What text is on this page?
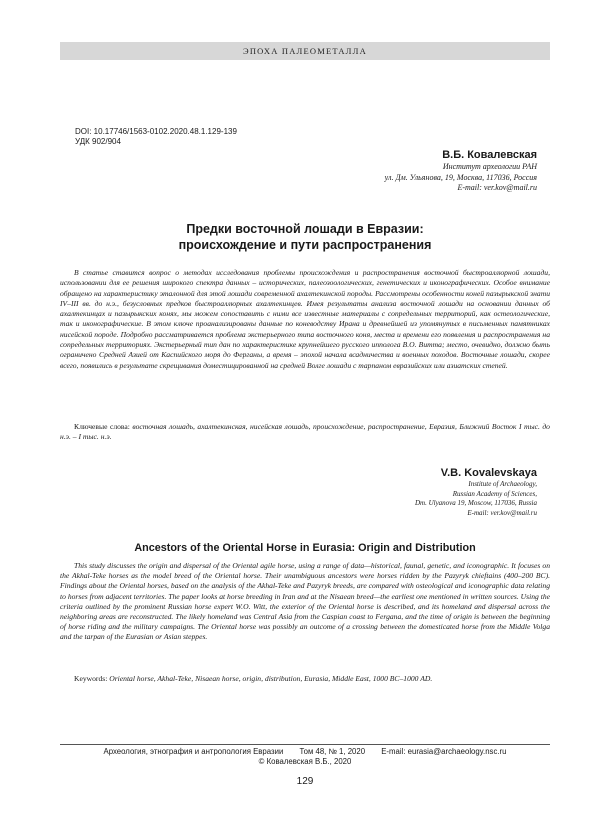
ЭПОХА ПАЛЕОМЕТАЛЛА
DOI: 10.17746/1563-0102.2020.48.1.129-139
УДК 902/904
В.Б. Ковалевская
Институт археологии РАН
ул. Дм. Ульянова, 19, Москва, 117036, Россия
E-mail: ver.kov@mail.ru
Предки восточной лошади в Евразии:
происхождение и пути распространения

В статье ставится вопрос о методах исследования проблемы происхождения и распространения восточной быстроаллюрной лошади, использовании для ее решения широкого спектра данных – исторических, палеозоологических, генетических и иконографических. Особое внимание обращено на характеристику эталонной для этой лошади современной ахалтекинской породы. Рассмотрены особенности коней пазырыкской знати IV–III вв. до н.э., безусловных предков быстроаллюрных ахалтекинцев. Имея результаты анализа восточной лошади на основании данных об ахалтекинцах и пазырыкских конях, мы можем сопоставить с ними все известные материалы с сопредельных территорий, как остеологические, так и иконографические. В этом ключе проанализированы данные по коневодству Ирана и древнейшей из упомянутых в письменных памятниках нисейской породе. Подробно рассматривается проблема экстерьерного типа восточного коня, места и времени его появления и распространения на сопредельных территориях. Экстерьерный тип дан по характеристике крупнейшего русского ипполога В.О. Витта; место, очевидно, должно быть ограничено Средней Азией от Каспийского моря до Ферганы, а время – эпохой начала всадничества и военных походов. Восточные лошади, скорее всего, появились в результате скрещивания доместицированной на средней Волге лошади с тарпаном евразийских или азиатских степей.

Ключевые слова: восточная лошадь, ахалтекинская, нисейская лошадь, происхождение, распространение, Евразия, Ближний Восток I тыс. до н.э. – I тыс. н.э.

V.B. Kovalevskaya
Institute of Archaeology,
Russian Academy of Sciences,
Dm. Ulyanova 19, Moscow, 117036, Russia
E-mail: ver.kov@mail.ru
Ancestors of the Oriental Horse in Eurasia: Origin and Distribution

This study discusses the origin and dispersal of the Oriental agile horse, using a range of data—historical, faunal, genetic, and iconographic. It focuses on the Akhal-Teke horses as the model breed of the Oriental horse. Their unambiguous ancestors were horses ridden by the Pazyryk chieftains (400–200 BC). Findings about the Oriental horses, based on the analysis of the Akhal-Teke and Pazyryk breeds, are compared with osteological and iconographic data relating to horses from adjacent territories. The paper looks at horse breeding in Iran and at the Nisaean breed—the earliest one mentioned in written sources. Using the criteria outlined by the prominent Russian horse expert W.O. Witt, the exterior of the Oriental horse is described, and its homeland and dispersal across the neighboring areas are reconstructed. The likely homeland was Central Asia from the Caspian coast to Fergana, and the time of origin is between the beginning of horse riding and the military campaigns. The Oriental horse was possibly an outcome of a crossing between the domesticated horse from the Middle Volga and the tarpan of the Eurasian or Asian steppes.

Keywords: Oriental horse, Akhal-Teke, Nisaean horse, origin, distribution, Eurasia, Middle East, 1000 BC–1000 AD.

Археология, этнография и антропология Евразии Том 48, № 1, 2020 E-mail: eurasia@archaeology.nsc.ru
© Ковалевская В.Б., 2020
129
